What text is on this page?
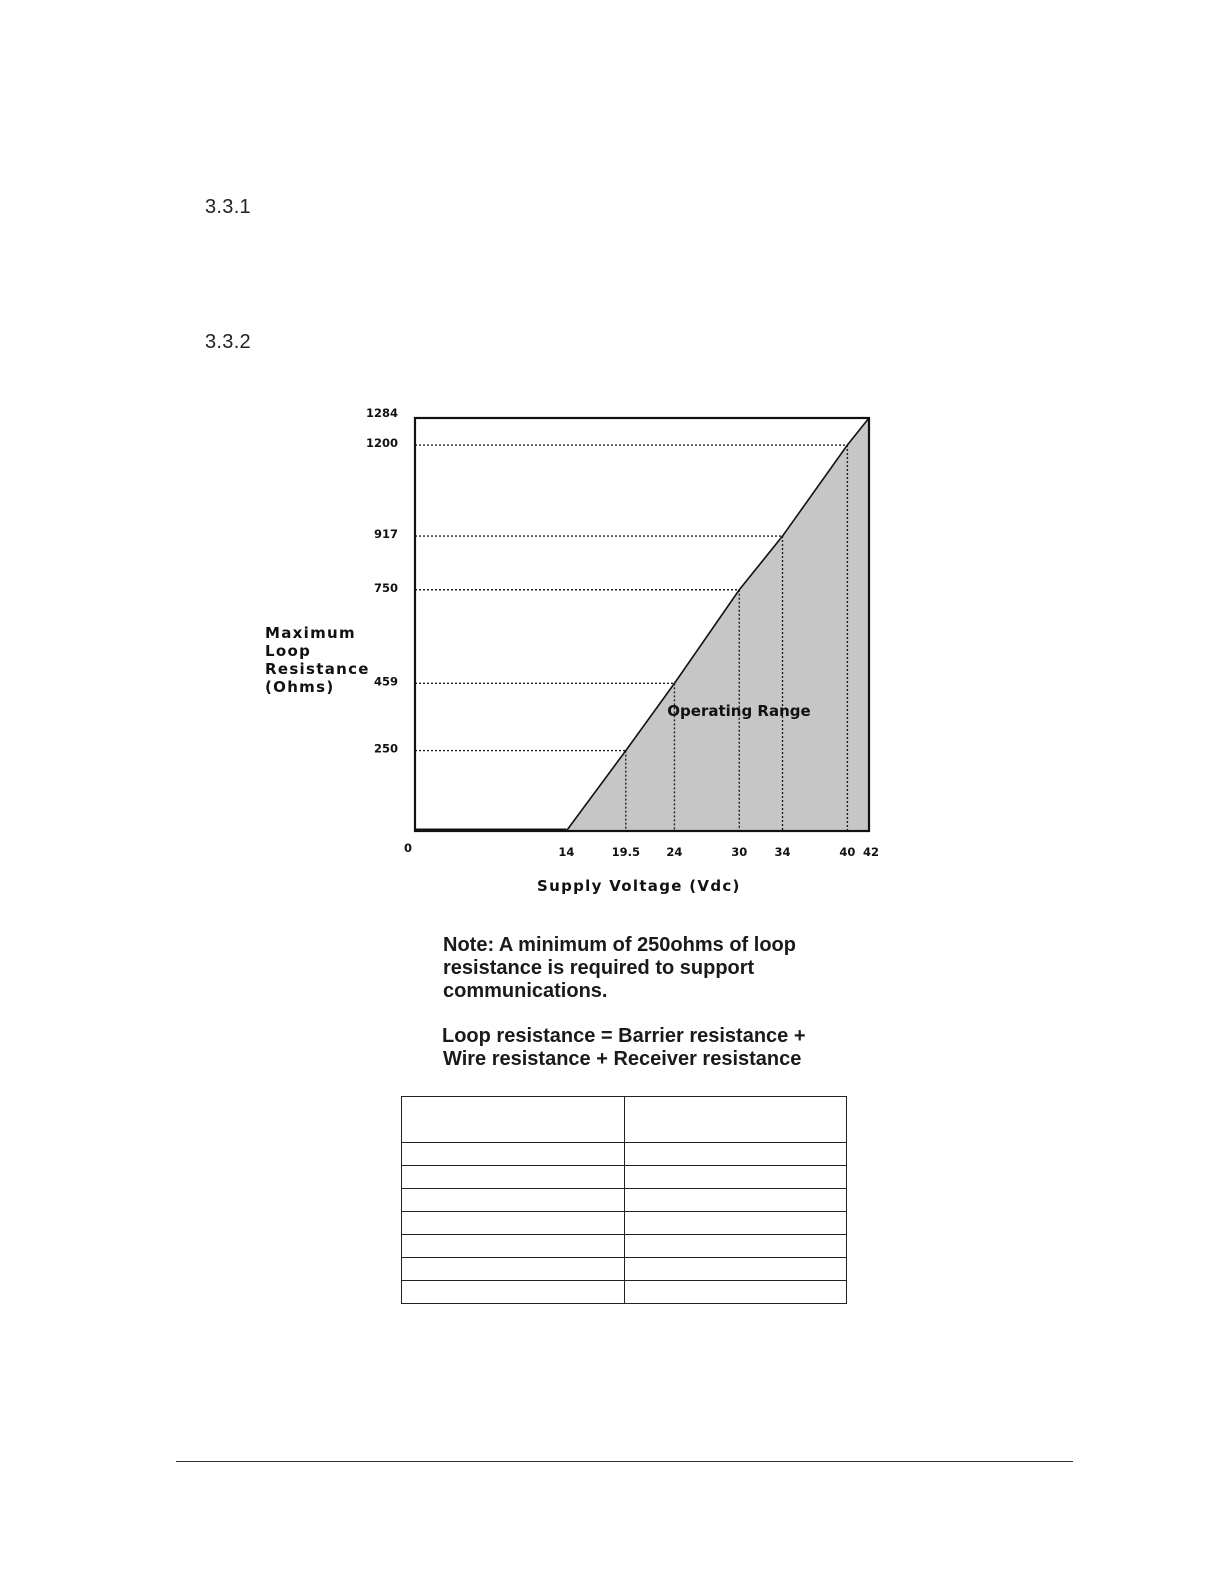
3.3.1
3.3.2
250
459
750
917
1200
1284
0	14	19.5 24	30 34	40 42
Operating Range
Maximum
Loop
Resistance
(Ohms)
Supply Voltage (Vdc)

Note: A minimum of 250ohms of loop

resistance is required to support

communications.

Loop resistance = Barrier resistance +

Wire resistance + Receiver resistance
